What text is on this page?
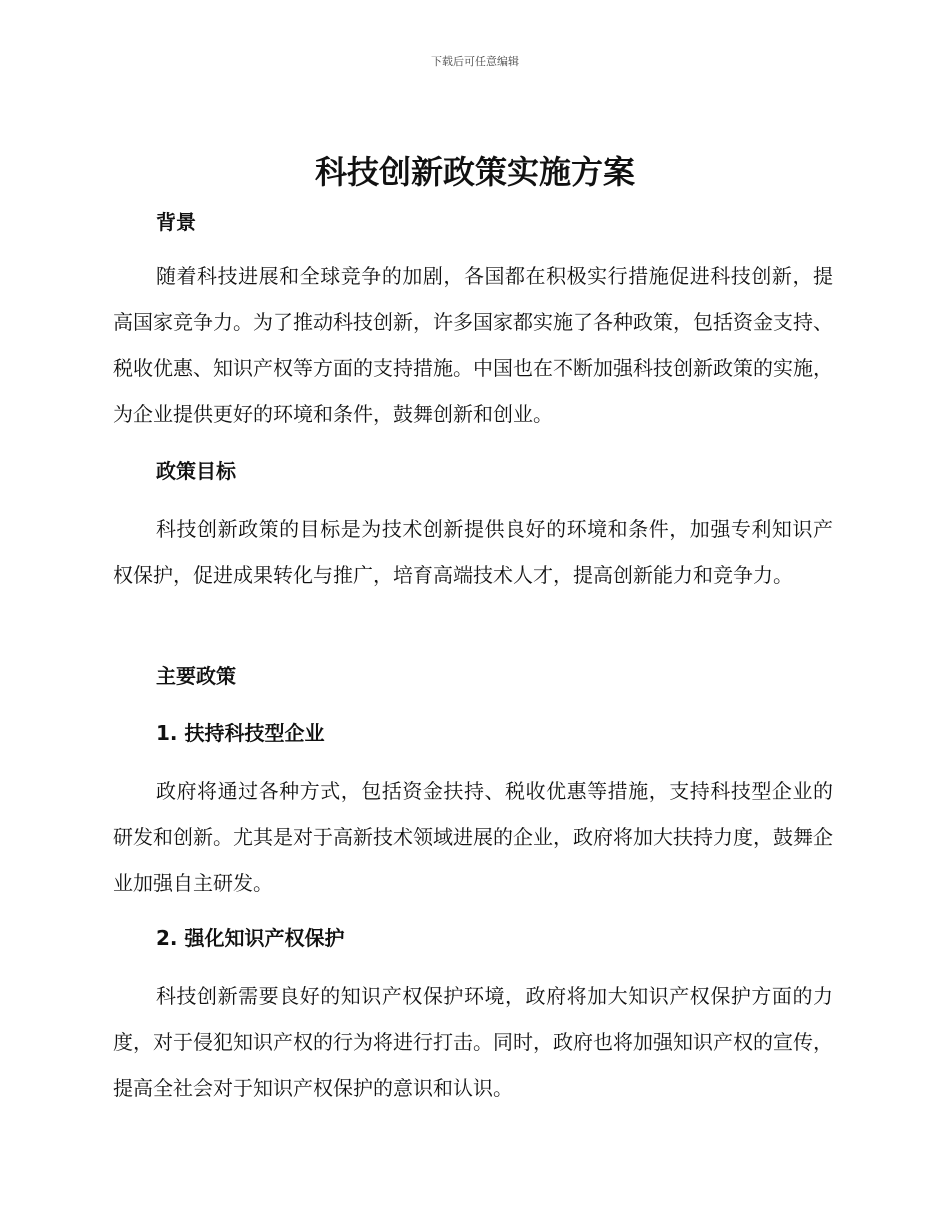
下载后可任意编辑
科技创新政策实施方案
背景

随着科技进展和全球竞争的加剧，各国都在积极实行措施促进科技创新，提高国家竞争力。为了推动科技创新，许多国家都实施了各种政策，包括资金支持、税收优惠、知识产权等方面的支持措施。中国也在不断加强科技创新政策的实施，为企业提供更好的环境和条件，鼓舞创新和创业。

政策目标

科技创新政策的目标是为技术创新提供良好的环境和条件，加强专利知识产权保护，促进成果转化与推广，培育高端技术人才，提高创新能力和竞争力。

主要政策
1. 扶持科技型企业

政府将通过各种方式，包括资金扶持、税收优惠等措施，支持科技型企业的研发和创新。尤其是对于高新技术领域进展的企业，政府将加大扶持力度，鼓舞企业加强自主研发。

2. 强化知识产权保护

科技创新需要良好的知识产权保护环境，政府将加大知识产权保护方面的力度，对于侵犯知识产权的行为将进行打击。同时，政府也将加强知识产权的宣传，提高全社会对于知识产权保护的意识和认识。
